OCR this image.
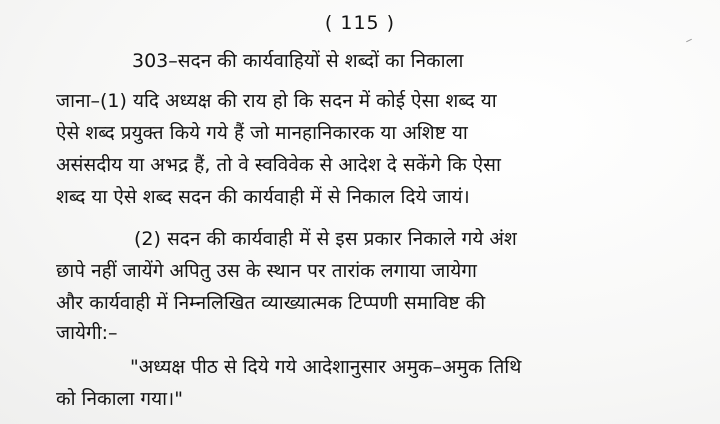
( 115 )
303–सदन की कार्यवाहियों से शब्दों का निकाला
जाना–(1) यदि अध्यक्ष की राय हो कि सदन में कोई ऐसा शब्द या
ऐसे शब्द प्रयुक्त किये गये हैं जो मानहानिकारक या अशिष्ट या
असंसदीय या अभद्र हैं, तो वे स्वविवेक से आदेश दे सकेंगे कि ऐसा
शब्द या ऐसे शब्द सदन की कार्यवाही में से निकाल दिये जायं।
(2) सदन की कार्यवाही में से इस प्रकार निकाले गये अंश
छापे नहीं जायेंगे अपितु उस के स्थान पर तारांक लगाया जायेगा
और कार्यवाही में निम्नलिखित व्याख्यात्मक टिप्पणी समाविष्ट की
जायेगी:–
"अध्यक्ष पीठ से दिये गये आदेशानुसार अमुक–अमुक तिथि
को निकाला गया।"
